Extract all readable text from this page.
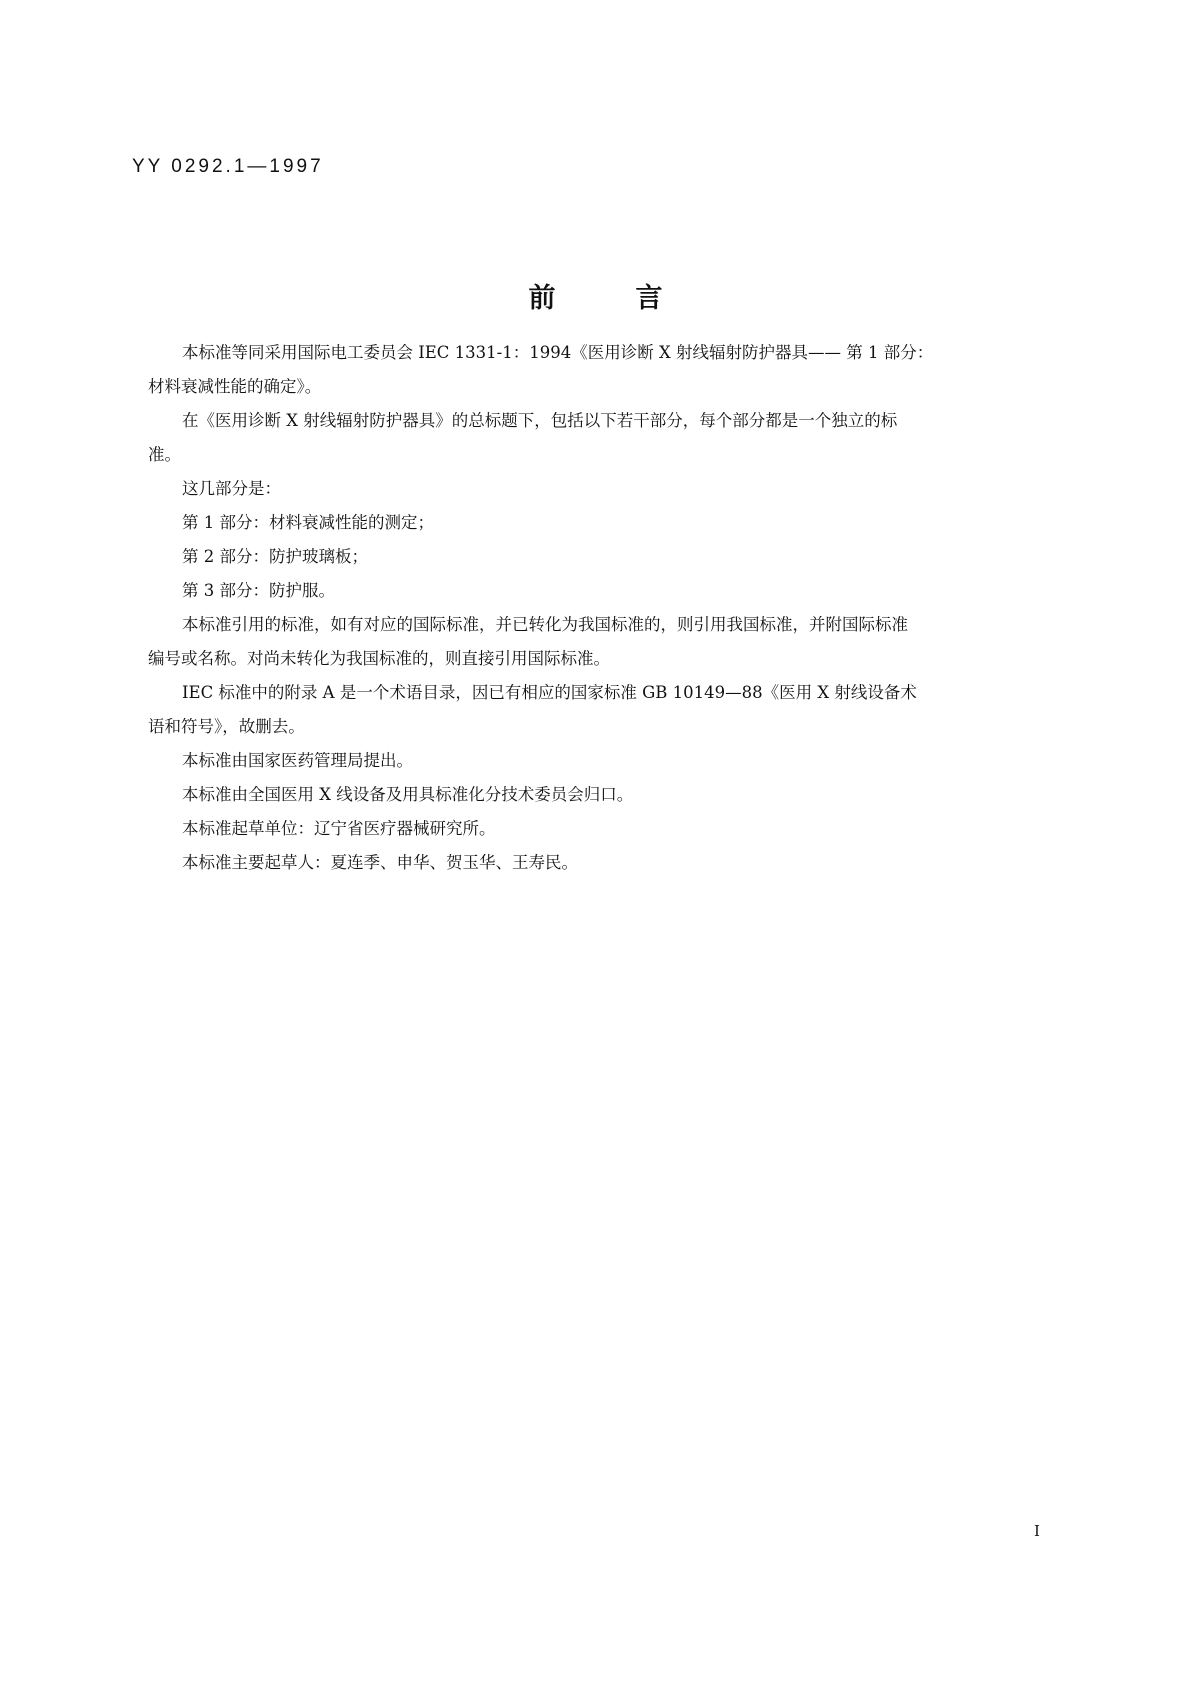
YY 0292.1—1997
前	言
本标准等同采用国际电工委员会 IEC 1331-1：1994《医用诊断 X 射线辐射防护器具—— 第 1 部分：
材料衰减性能的确定》。
在《医用诊断 X 射线辐射防护器具》的总标题下，包括以下若干部分，每个部分都是一个独立的标
准。
这几部分是：
第 1 部分：材料衰减性能的测定；
第 2 部分：防护玻璃板；
第 3 部分：防护服。
本标准引用的标准，如有对应的国际标准，并已转化为我国标准的，则引用我国标准，并附国际标准
编号或名称。对尚未转化为我国标准的，则直接引用国际标准。
IEC 标准中的附录 A 是一个术语目录，因已有相应的国家标准 GB 10149—88《医用 X 射线设备术
语和符号》，故删去。
本标准由国家医药管理局提出。
本标准由全国医用 X 线设备及用具标准化分技术委员会归口。
本标准起草单位：辽宁省医疗器械研究所。
本标准主要起草人：夏连季、申华、贺玉华、王寿民。
I
